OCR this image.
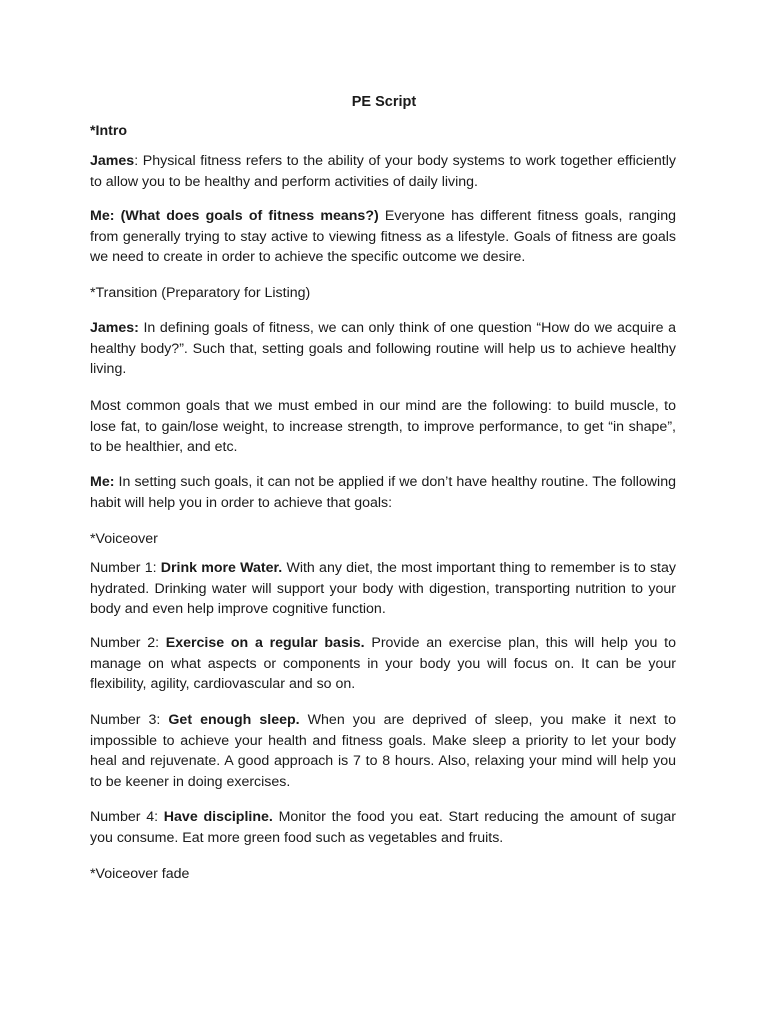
PE Script
*Intro

James: Physical fitness refers to the ability of your body systems to work together efficiently to allow you to be healthy and perform activities of daily living.

Me: (What does goals of fitness means?) Everyone has different fitness goals, ranging from generally trying to stay active to viewing fitness as a lifestyle. Goals of fitness are goals we need to create in order to achieve the specific outcome we desire.

*Transition (Preparatory for Listing)

James: In defining goals of fitness, we can only think of one question “How do we acquire a healthy body?”. Such that, setting goals and following routine will help us to achieve healthy living.

Most common goals that we must embed in our mind are the following: to build muscle, to lose fat, to gain/lose weight, to increase strength, to improve performance, to get “in shape”, to be healthier, and etc.

Me: In setting such goals, it can not be applied if we don’t have healthy routine. The following habit will help you in order to achieve that goals:

*Voiceover

Number 1: Drink more Water. With any diet, the most important thing to remember is to stay hydrated. Drinking water will support your body with digestion, transporting nutrition to your body and even help improve cognitive function.

Number 2: Exercise on a regular basis. Provide an exercise plan, this will help you to manage on what aspects or components in your body you will focus on. It can be your flexibility, agility, cardiovascular and so on.

Number 3: Get enough sleep. When you are deprived of sleep, you make it next to impossible to achieve your health and fitness goals. Make sleep a priority to let your body heal and rejuvenate. A good approach is 7 to 8 hours. Also, relaxing your mind will help you to be keener in doing exercises.

Number 4: Have discipline. Monitor the food you eat. Start reducing the amount of sugar you consume. Eat more green food such as vegetables and fruits.

*Voiceover fade
